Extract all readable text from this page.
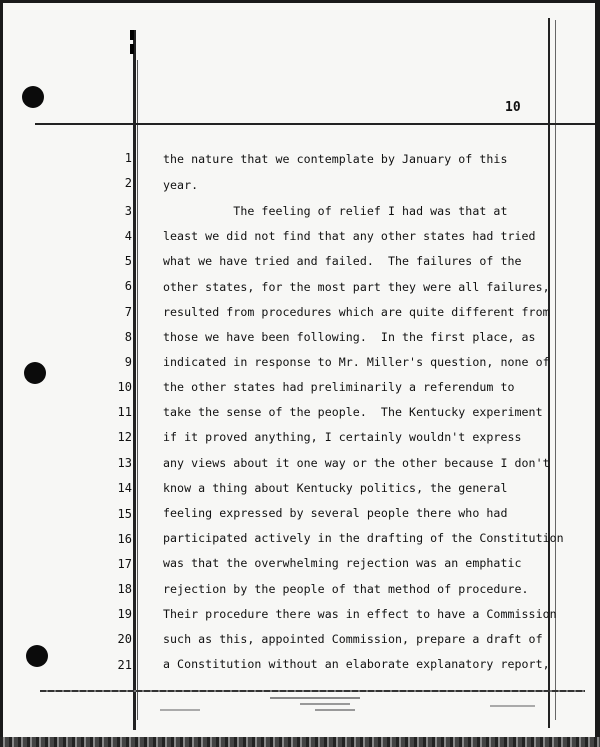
10
1	the nature that we contemplate by January of this
2	year.
3	The feeling of relief I had was that at
4	least we did not find that any other states had tried
5	what we have tried and failed.  The failures of the
6	other states, for the most part they were all failures,
7	resulted from procedures which are quite different from
8	those we have been following.  In the first place, as
9	indicated in response to Mr. Miller's question, none of
10	the other states had preliminarily a referendum to
11	take the sense of the people.  The Kentucky experiment
12	if it proved anything, I certainly wouldn't express
13	any views about it one way or the other because I don't
14	know a thing about Kentucky politics, the general
15	feeling expressed by several people there who had
16	participated actively in the drafting of the Constitution
17	was that the overwhelming rejection was an emphatic
18	rejection by the people of that method of procedure.
19	Their procedure there was in effect to have a Commission
20	such as this, appointed Commission, prepare a draft of
21	a Constitution without an elaborate explanatory report,
